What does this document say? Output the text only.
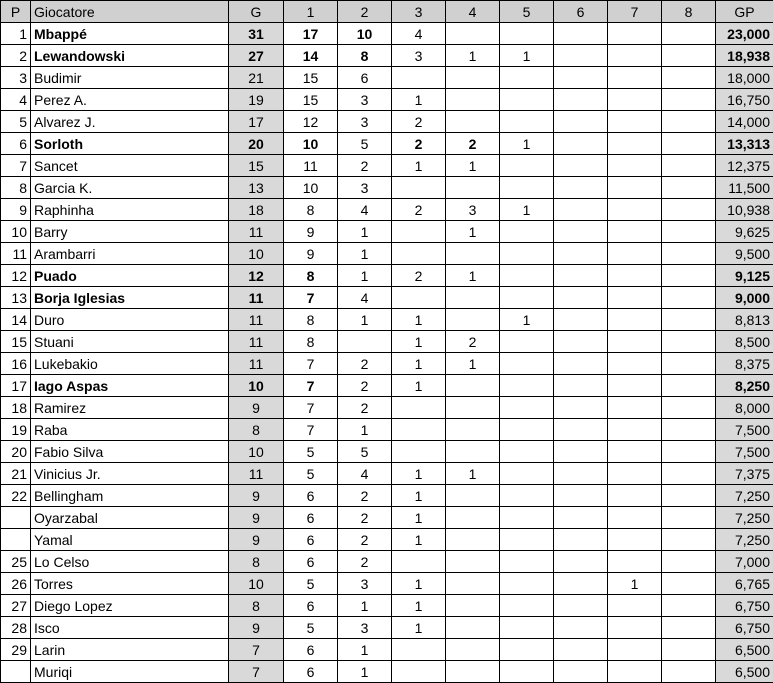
P	Giocatore	G	1	2	3	4	5	6	7	8	GP
1	Mbappé	31	17	10	4						23,000
2	Lewandowski	27	14	8	3	1	1				18,938
3	Budimir	21	15	6							18,000
4	Perez A.	19	15	3	1						16,750
5	Alvarez J.	17	12	3	2						14,000
6	Sorloth	20	10	5	2	2	1				13,313
7	Sancet	15	11	2	1	1					12,375
8	Garcia K.	13	10	3							11,500
9	Raphinha	18	8	4	2	3	1				10,938
10	Barry	11	9	1		1					9,625
11	Arambarri	10	9	1							9,500
12	Puado	12	8	1	2	1					9,125
13	Borja Iglesias	11	7	4							9,000
14	Duro	11	8	1	1		1				8,813
15	Stuani	11	8		1	2					8,500
16	Lukebakio	11	7	2	1	1					8,375
17	Iago Aspas	10	7	2	1						8,250
18	Ramirez	9	7	2							8,000
19	Raba	8	7	1							7,500
20	Fabio Silva	10	5	5							7,500
21	Vinicius Jr.	11	5	4	1	1					7,375
22	Bellingham	9	6	2	1						7,250
	Oyarzabal	9	6	2	1						7,250
	Yamal	9	6	2	1						7,250
25	Lo Celso	8	6	2							7,000
26	Torres	10	5	3	1				1		6,765
27	Diego Lopez	8	6	1	1						6,750
28	Isco	9	5	3	1						6,750
29	Larin	7	6	1							6,500
	Muriqi	7	6	1							6,500
